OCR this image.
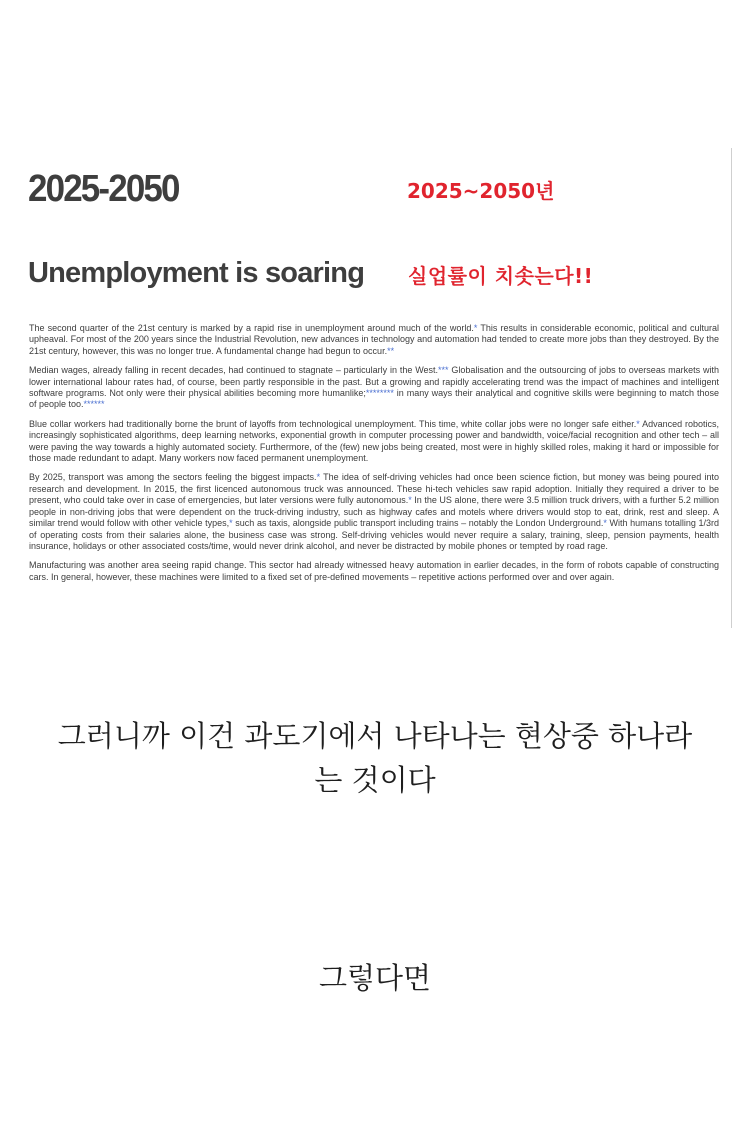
2025-2050	2025~2050년
Unemployment is soaring 실업률이 치솟는다!!

The second quarter of the 21st century is marked by a rapid rise in unemployment around much of the world.* This results in considerable economic, political and cultural upheaval. For most of the 200 years since the Industrial Revolution, new advances in technology and automation had tended to create more jobs than they destroyed. By the 21st century, however, this was no longer true. A fundamental change had begun to occur.**

Median wages, already falling in recent decades, had continued to stagnate – particularly in the West.*** Globalisation and the outsourcing of jobs to overseas markets with lower international labour rates had, of course, been partly responsible in the past. But a growing and rapidly accelerating trend was the impact of machines and intelligent software programs. Not only were their physical abilities becoming more humanlike;******** in many ways their analytical and cognitive skills were beginning to match those of people too.******

Blue collar workers had traditionally borne the brunt of layoffs from technological unemployment. This time, white collar jobs were no longer safe either.* Advanced robotics, increasingly sophisticated algorithms, deep learning networks, exponential growth in computer processing power and bandwidth, voice/facial recognition and other tech – all were paving the way towards a highly automated society. Furthermore, of the (few) new jobs being created, most were in highly skilled roles, making it hard or impossible for those made redundant to adapt. Many workers now faced permanent unemployment.

By 2025, transport was among the sectors feeling the biggest impacts.* The idea of self-driving vehicles had once been science fiction, but money was being poured into research and development. In 2015, the first licenced autonomous truck was announced. These hi-tech vehicles saw rapid adoption. Initially they required a driver to be present, who could take over in case of emergencies, but later versions were fully autonomous.* In the US alone, there were 3.5 million truck drivers, with a further 5.2 million people in non-driving jobs that were dependent on the truck-driving industry, such as highway cafes and motels where drivers would stop to eat, drink, rest and sleep. A similar trend would follow with other vehicle types,* such as taxis, alongside public transport including trains – notably the London Underground.* With humans totalling 1/3rd of operating costs from their salaries alone, the business case was strong. Self-driving vehicles would never require a salary, training, sleep, pension payments, health insurance, holidays or other associated costs/time, would never drink alcohol, and never be distracted by mobile phones or tempted by road rage.

Manufacturing was another area seeing rapid change. This sector had already witnessed heavy automation in earlier decades, in the form of robots capable of constructing cars. In general, however, these machines were limited to a fixed set of pre-defined movements – repetitive actions performed over and over again.

그러니까 이건 과도기에서 나타나는 현상중 하나라
는 것이다

그렇다면
